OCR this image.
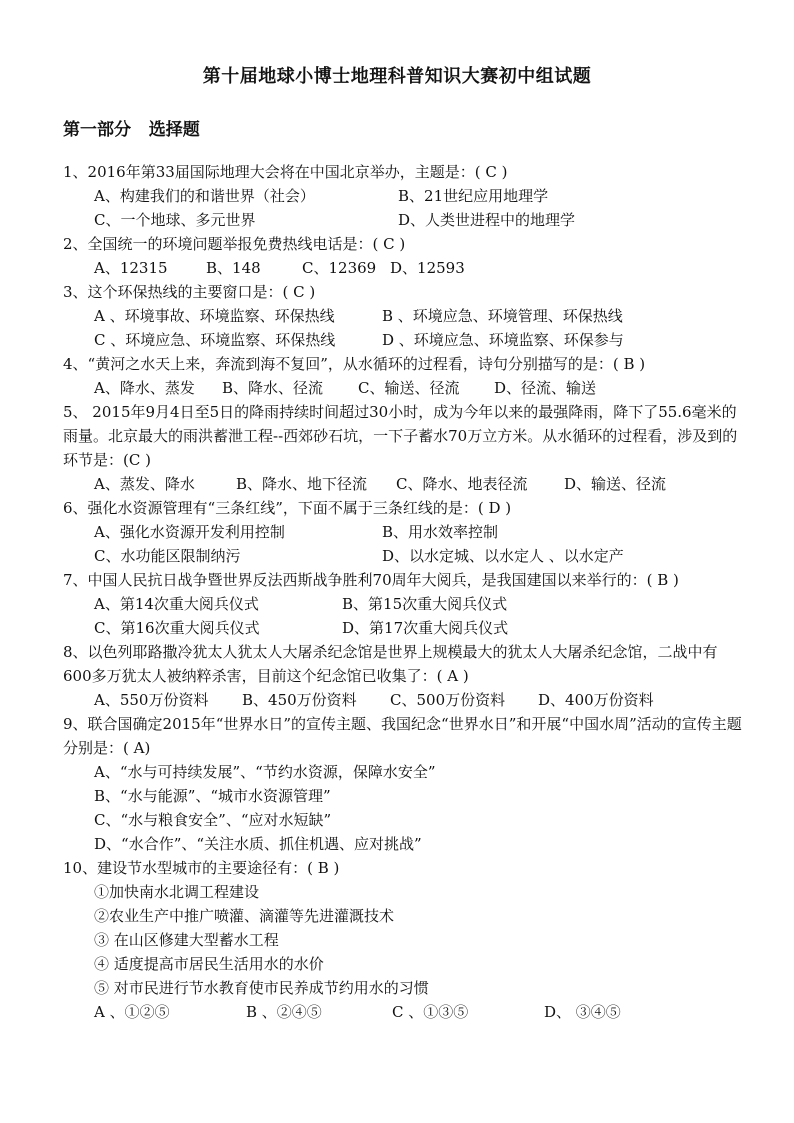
第十届地球小博士地理科普知识大赛初中组试题
第一部分   选择题
1、2016年第33届国际地理大会将在中国北京举办，主题是：( C )
A、构建我们的和谐世界（社会）	B、21世纪应用地理学
C、一个地球、多元世界	D、人类世进程中的地理学
2、全国统一的环境问题举报免费热线电话是：( C )
A、12315	B、148	C、12369 D、12593
3、这个环保热线的主要窗口是：( C )
A 、环境事故、环境监察、环保热线	B 、环境应急、环境管理、环保热线
C 、环境应急、环境监察、环保热线	D 、环境应急、环境监察、环保参与
4、“黄河之水天上来，奔流到海不复回”，从水循环的过程看，诗句分别描写的是：( B )
A、降水、蒸发 B、降水、径流 C、输送、径流 D、径流、输送
5、 2015年9月4日至5日的降雨持续时间超过30小时，成为今年以来的最强降雨，降下了55.6毫米的雨量。北京最大的雨洪蓄泄工程--西郊砂石坑，一下子蓄水70万立方米。从水循环的过程看，涉及到的环节是：(C )
A、蒸发、降水	B、降水、地下径流 C、降水、地表径流 D、输送、径流
6、强化水资源管理有“三条红线”，下面不属于三条红线的是：( D )
A、强化水资源开发利用控制	B、用水效率控制
C、水功能区限制纳污	D、以水定城、以水定人 、以水定产
7、中国人民抗日战争暨世界反法西斯战争胜利70周年大阅兵，是我国建国以来举行的：( B )
A、第14次重大阅兵仪式	B、第15次重大阅兵仪式
C、第16次重大阅兵仪式	D、第17次重大阅兵仪式
8、以色列耶路撒冷犹太人犹太人大屠杀纪念馆是世界上规模最大的犹太人大屠杀纪念馆，二战中有600多万犹太人被纳粹杀害，目前这个纪念馆已收集了：( A )
A、550万份资料 B、450万份资料 C、500万份资料 D、400万份资料
9、联合国确定2015年“世界水日”的宣传主题、我国纪念“世界水日”和开展“中国水周”活动的宣传主题分别是：( A)
A、“水与可持续发展”、“节约水资源，保障水安全”
B、“水与能源”、“城市水资源管理”
C、“水与粮食安全”、“应对水短缺”
D、“水合作”、“关注水质、抓住机遇、应对挑战”
10、建设节水型城市的主要途径有：( B )
①加快南水北调工程建设
②农业生产中推广喷灌、滴灌等先进灌溉技术
③ 在山区修建大型蓄水工程
④ 适度提高市居民生活用水的水价
⑤ 对市民进行节水教育使市民养成节约用水的习惯
A 、①②⑤	B 、②④⑤	C 、①③⑤	D、 ③④⑤
